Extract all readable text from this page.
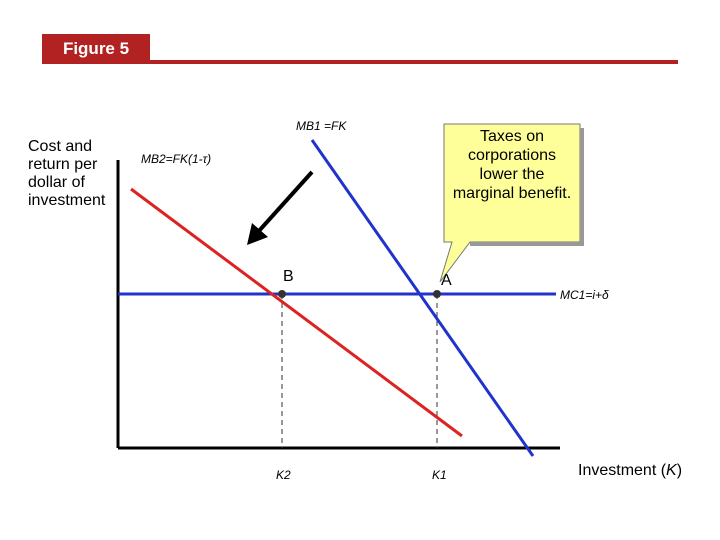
Figure 5
Cost and return per dollar of investment
Taxes on corporations lower the marginal benefit.
MB1 =FK
MB2=FK(1-τ)
MC1=i+δ
B	A
K2	K1	Investment (K)
